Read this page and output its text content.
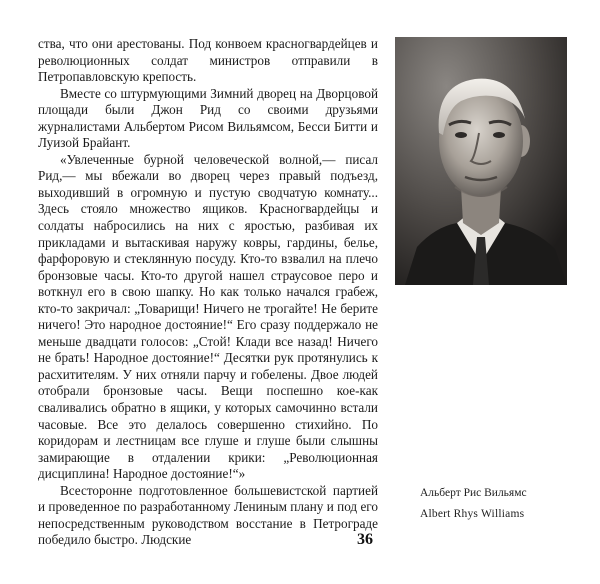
ства, что они арестованы. Под конвоем красногвардейцев и революционных солдат министров отправили в Петропавловскую крепость.

Вместе со штурмующими Зимний дворец на Дворцовой площади были Джон Рид со своими друзьями журналистами Альбертом Рисом Вильямсом, Бесси Битти и Луизой Брайант.

«Увлеченные бурной человеческой волной,— писал Рид,— мы вбежали во дворец через правый подъезд, выходивший в огромную и пустую сводчатую комнату... Здесь стояло множество ящиков. Красногвардейцы и солдаты набросились на них с яростью, разбивая их прикладами и вытаскивая наружу ковры, гардины, белье, фарфоровую и стеклянную посуду. Кто-то взвалил на плечо бронзовые часы. Кто-то другой нашел страусовое перо и воткнул его в свою шапку. Но как только начался грабеж, кто-то закричал: „Товарищи! Ничего не трогайте! Не берите ничего! Это народное достояние!“ Его сразу поддержало не меньше двадцати голосов: „Стой! Клади все назад! Ничего не брать! Народное достояние!“ Десятки рук протянулись к расхитителям. У них отняли парчу и гобелены. Двое людей отобрали бронзовые часы. Вещи поспешно кое-как сваливались обратно в ящики, у которых самочинно встали часовые. Все это делалось совершенно стихийно. По коридорам и лестницам все глуше и глуше были слышны замирающие в отдалении крики: „Революционная дисциплина! Народное достояние!“»

Всесторонне подготовленное большевистской партией и проведенное по разработанному Лениным плану и под его непосредственным руководством восстание в Петрограде победило быстро. Людские

Альберт Рис Вильямс
Albert Rhys Williams
36
